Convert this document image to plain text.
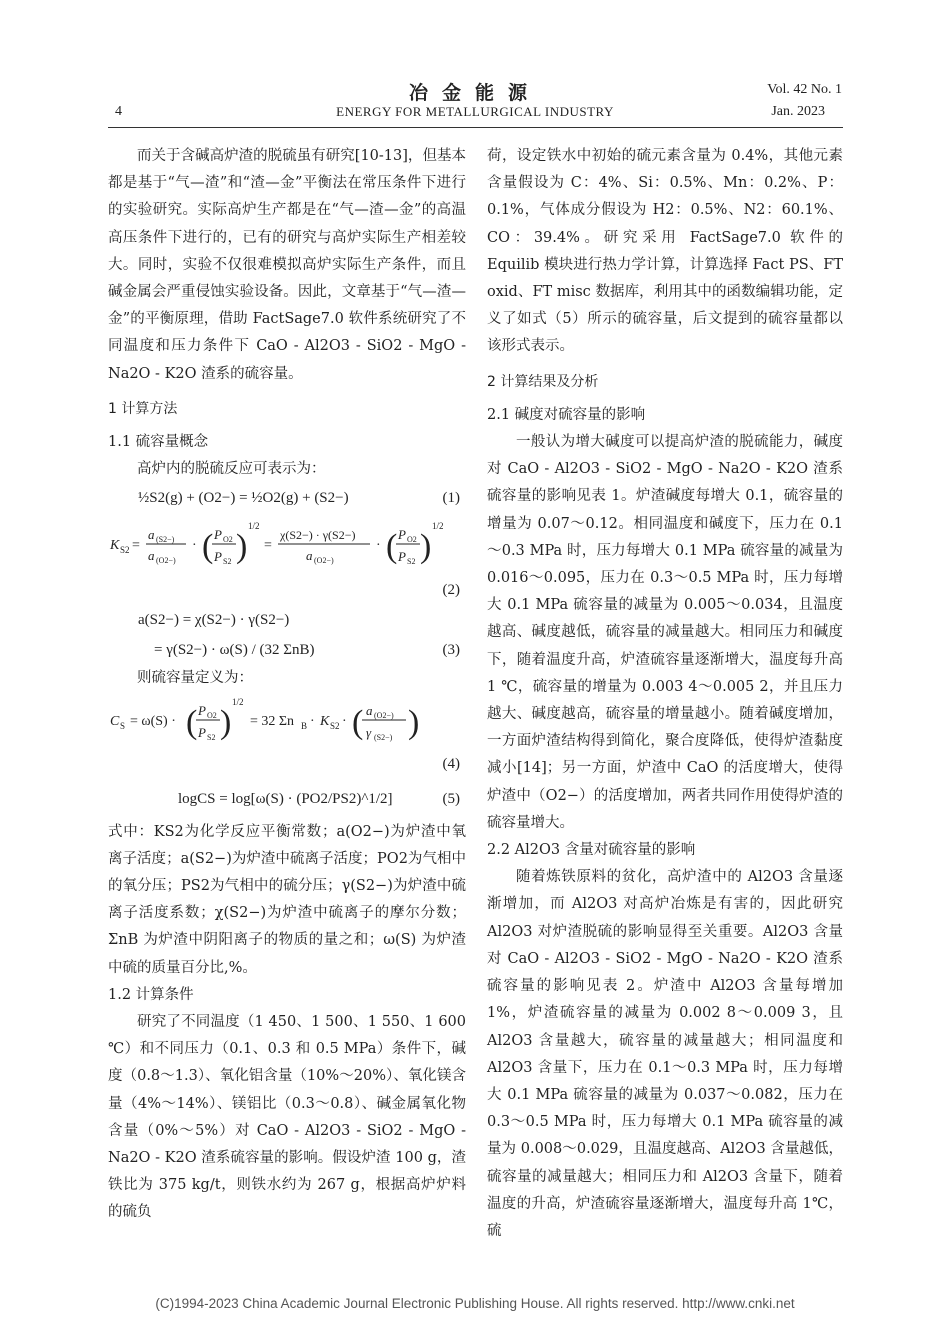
冶金能源
ENERGY FOR METALLURGICAL INDUSTRY
4
Vol. 42 No. 1
Jan. 2023

而关于含碱高炉渣的脱硫虽有研究[10-13]，但基本都是基于“气—渣”和“渣—金”平衡法在常压条件下进行的实验研究。实际高炉生产都是在“气—渣—金”的高温高压条件下进行的，已有的研究与高炉实际生产相差较大。同时，实验不仅很难模拟高炉实际生产条件，而且碱金属会严重侵蚀实验设备。因此，文章基于“气—渣—金”的平衡原理，借助 FactSage7.0 软件系统研究了不同温度和压力条件下 CaO - Al2O3 - SiO2 - MgO - Na2O - K2O 渣系的硫容量。

1 计算方法

1.1 硫容量概念

高炉内的脱硫反应可表示为：

½S2(g) + (O2−) = ½O2(g) + (S2−)	(1)
K S2 =
a (S2−)
a (O2−)
· ( P O2
P S2 )
1/2
=
χ(S2−) · γ(S2−)
a (O2−)
· ( P O2
P S2 )
1/2
(2)
a(S2−) = χ(S2−) · γ(S2−)
= γ(S2−) · ω(S) / (32 ΣnB)	(3)

则硫容量定义为：

C S = ω(S) · ( P O2
P S2 )
1/2
= 32 Σn B · K S2 · ( a (O2−)
γ (S2−) )
(4)
logCS = log[ω(S) · (PO2/PS2)^1/2]	(5)

式中：KS2为化学反应平衡常数；a(O2−)为炉渣中氧离子活度；a(S2−)为炉渣中硫离子活度；PO2为气相中的氧分压；PS2为气相中的硫分压；γ(S2−)为炉渣中硫离子活度系数；χ(S2−)为炉渣中硫离子的摩尔分数；ΣnB 为炉渣中阴阳离子的物质的量之和；ω(S) 为炉渣中硫的质量百分比,%。

1.2 计算条件

研究了不同温度（1 450、1 500、1 550、1 600 ℃）和不同压力（0.1、0.3 和 0.5 MPa）条件下，碱度（0.8～1.3）、氧化铝含量（10%～20%）、氧化镁含量（4%～14%）、镁铝比（0.3～0.8）、碱金属氧化物含量（0%～5%）对 CaO - Al2O3 - SiO2 - MgO - Na2O - K2O 渣系硫容量的影响。假设炉渣 100 g，渣铁比为 375 kg/t，则铁水约为 267 g，根据高炉炉料的硫负

荷，设定铁水中初始的硫元素含量为 0.4%，其他元素含量假设为 C：4%、Si：0.5%、Mn：0.2%、P：0.1%，气体成分假设为 H2：0.5%、N2：60.1%、CO：39.4%。研究采用 FactSage7.0 软件的 Equilib 模块进行热力学计算，计算选择 Fact PS、FT oxid、FT misc 数据库，利用其中的函数编辑功能，定义了如式（5）所示的硫容量，后文提到的硫容量都以该形式表示。

2 计算结果及分析

2.1 碱度对硫容量的影响

一般认为增大碱度可以提高炉渣的脱硫能力，碱度对 CaO - Al2O3 - SiO2 - MgO - Na2O - K2O 渣系硫容量的影响见表 1。炉渣碱度每增大 0.1，硫容量的增量为 0.07～0.12。相同温度和碱度下，压力在 0.1～0.3 MPa 时，压力每增大 0.1 MPa 硫容量的减量为 0.016～0.095，压力在 0.3～0.5 MPa 时，压力每增大 0.1 MPa 硫容量的减量为 0.005～0.034，且温度越高、碱度越低，硫容量的减量越大。相同压力和碱度下，随着温度升高，炉渣硫容量逐渐增大，温度每升高 1 ℃，硫容量的增量为 0.003 4～0.005 2，并且压力越大、碱度越高，硫容量的增量越小。随着碱度增加，一方面炉渣结构得到简化，聚合度降低，使得炉渣黏度减小[14]；另一方面，炉渣中 CaO 的活度增大，使得炉渣中（O2−）的活度增加，两者共同作用使得炉渣的硫容量增大。

2.2 Al2O3 含量对硫容量的影响

随着炼铁原料的贫化，高炉渣中的 Al2O3 含量逐渐增加，而 Al2O3 对高炉冶炼是有害的，因此研究 Al2O3 对炉渣脱硫的影响显得至关重要。Al2O3 含量对 CaO - Al2O3 - SiO2 - MgO - Na2O - K2O 渣系硫容量的影响见表 2。炉渣中 Al2O3 含量每增加 1%，炉渣硫容量的减量为 0.002 8～0.009 3，且 Al2O3 含量越大，硫容量的减量越大；相同温度和 Al2O3 含量下，压力在 0.1～0.3 MPa 时，压力每增大 0.1 MPa 硫容量的减量为 0.037～0.082，压力在 0.3～0.5 MPa 时，压力每增大 0.1 MPa 硫容量的减量为 0.008～0.029，且温度越高、Al2O3 含量越低，硫容量的减量越大；相同压力和 Al2O3 含量下，随着温度的升高，炉渣硫容量逐渐增大，温度每升高 1℃，硫

(C)1994-2023 China Academic Journal Electronic Publishing House. All rights reserved. http://www.cnki.net
